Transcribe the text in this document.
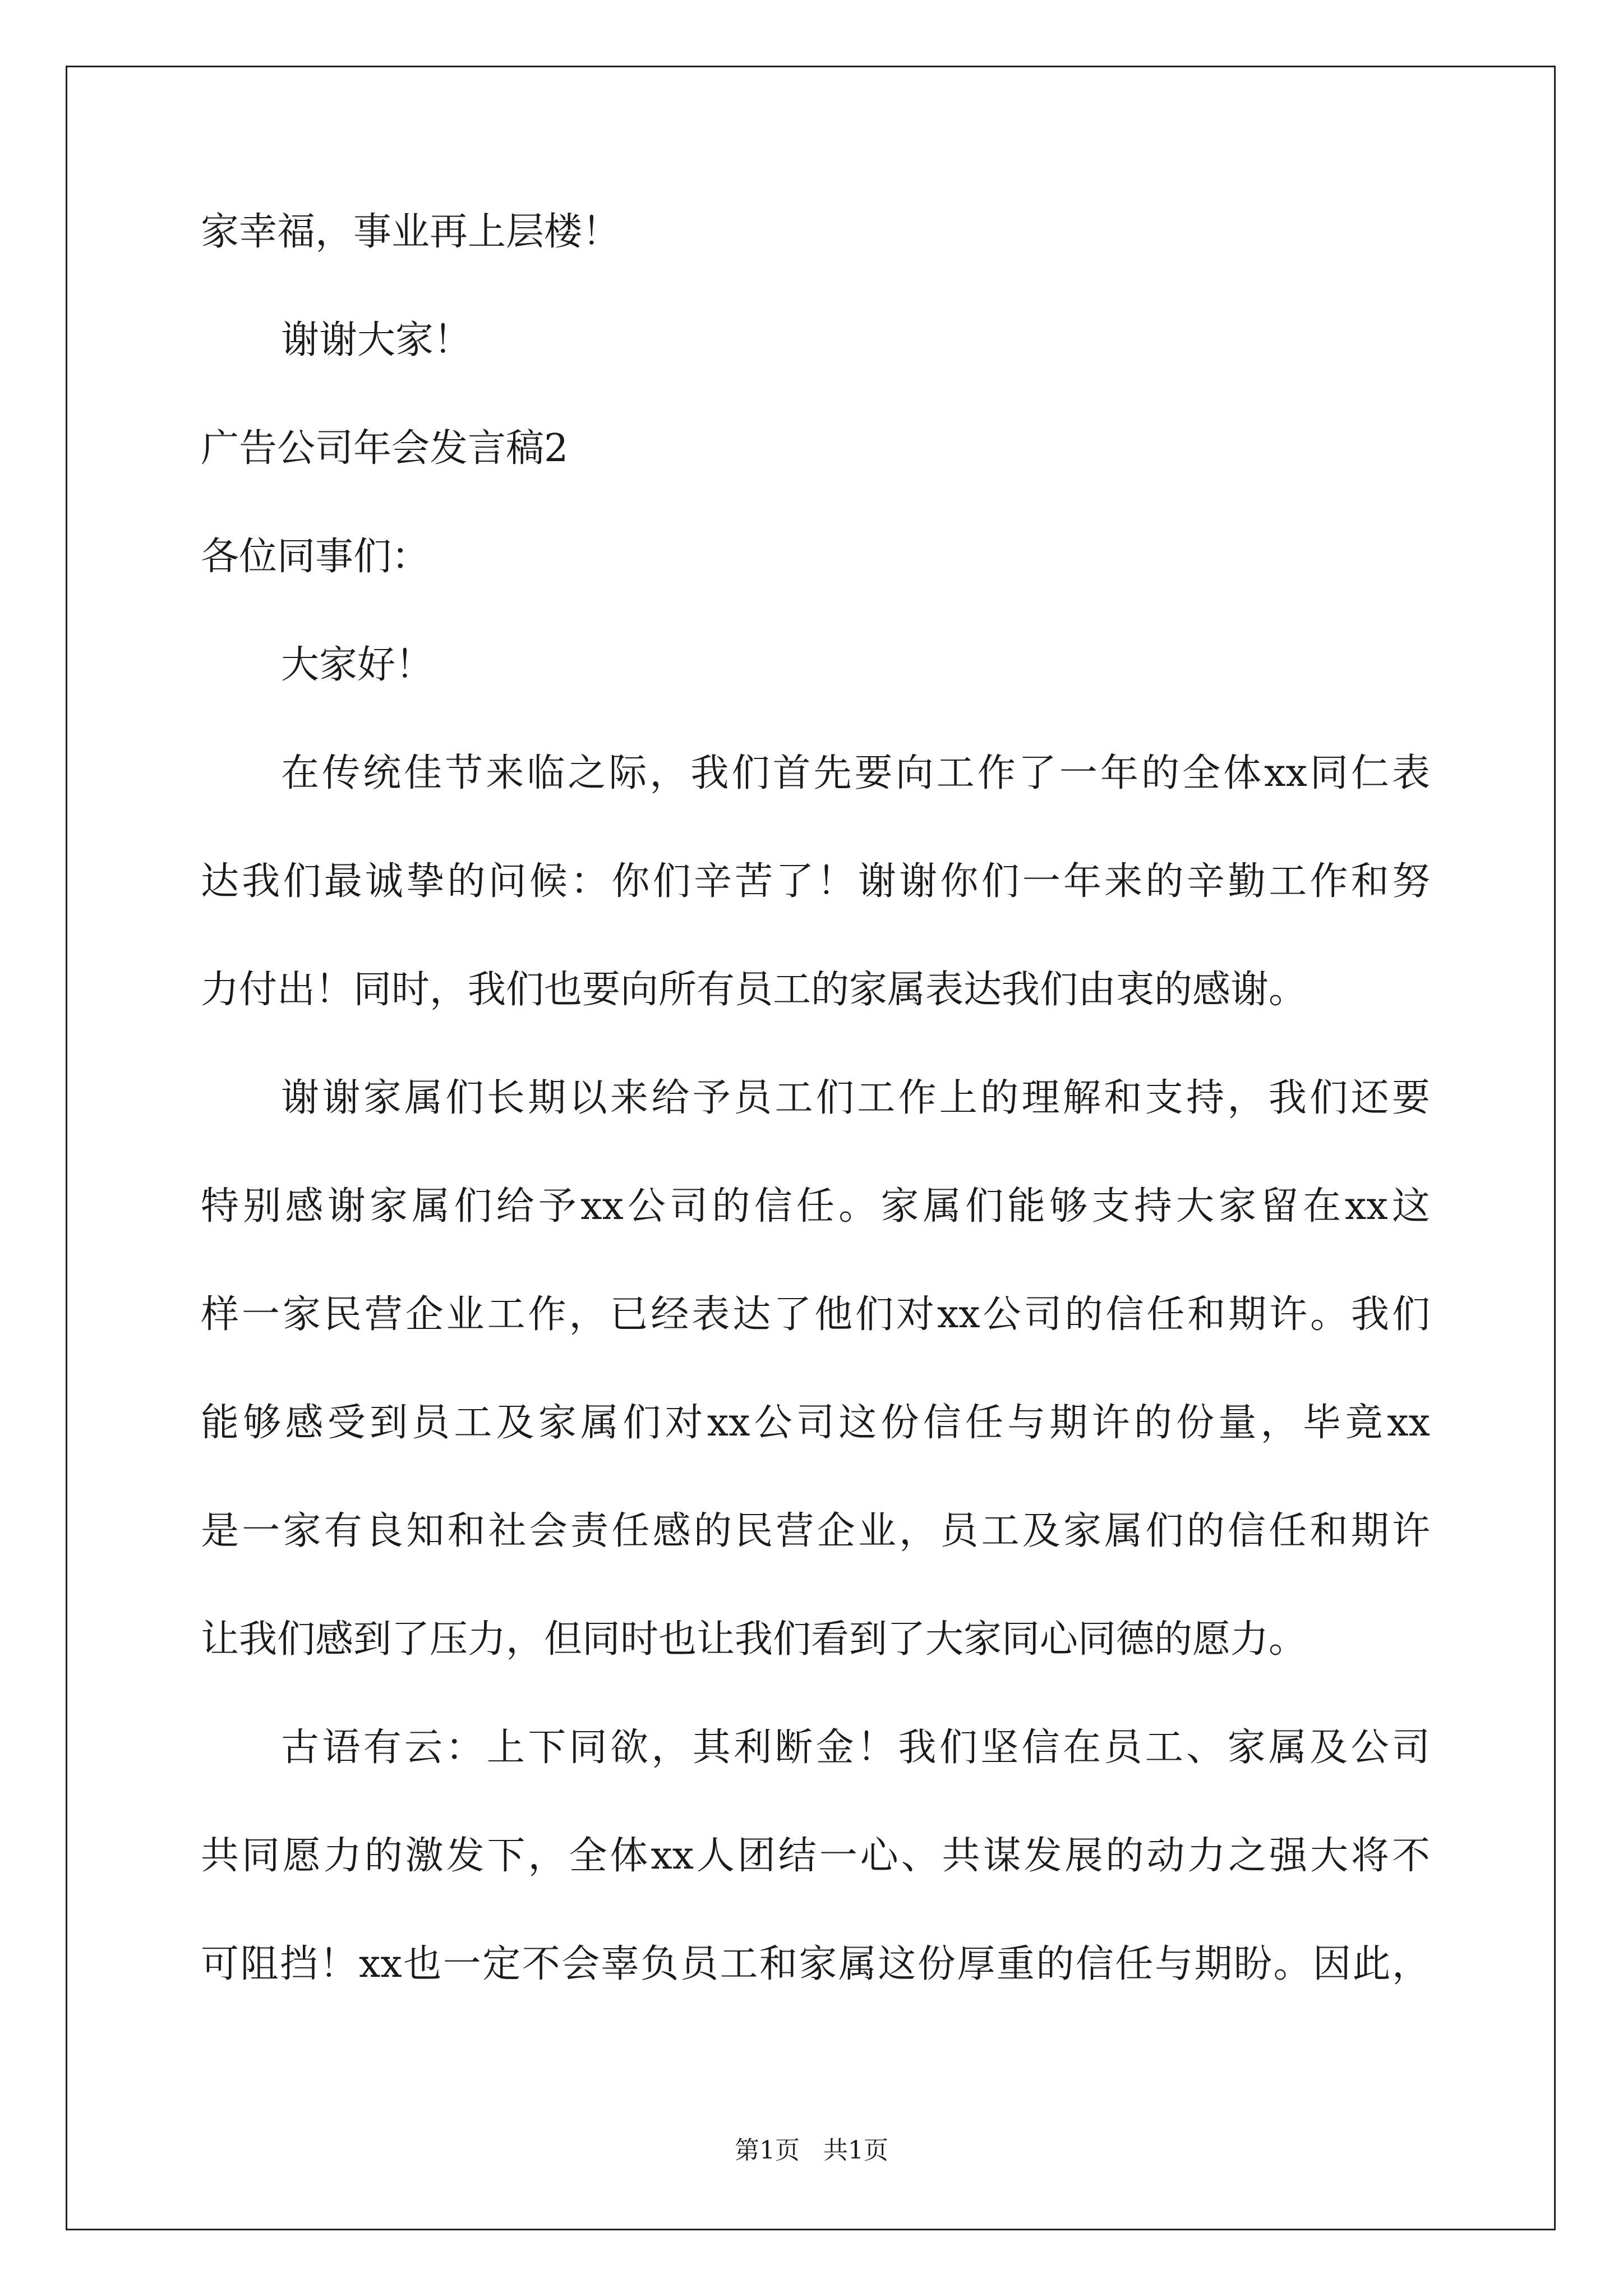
家幸福，事业再上层楼！
谢谢大家！
广告公司年会发言稿2
各位同事们：
大家好！
在传统佳节来临之际，我们首先要向工作了一年的全体xx同仁表
达我们最诚挚的问候：你们辛苦了！谢谢你们一年来的辛勤工作和努
力付出！同时，我们也要向所有员工的家属表达我们由衷的感谢。
谢谢家属们长期以来给予员工们工作上的理解和支持，我们还要
特别感谢家属们给予xx公司的信任。家属们能够支持大家留在xx这
样一家民营企业工作，已经表达了他们对xx公司的信任和期许。我们
能够感受到员工及家属们对xx公司这份信任与期许的份量，毕竟xx
是一家有良知和社会责任感的民营企业，员工及家属们的信任和期许
让我们感到了压力，但同时也让我们看到了大家同心同德的愿力。
古语有云：上下同欲，其利断金！我们坚信在员工、家属及公司
共同愿力的激发下，全体xx人团结一心、共谋发展的动力之强大将不
可阻挡！xx也一定不会辜负员工和家属这份厚重的信任与期盼。因此，
第1页   共1页
